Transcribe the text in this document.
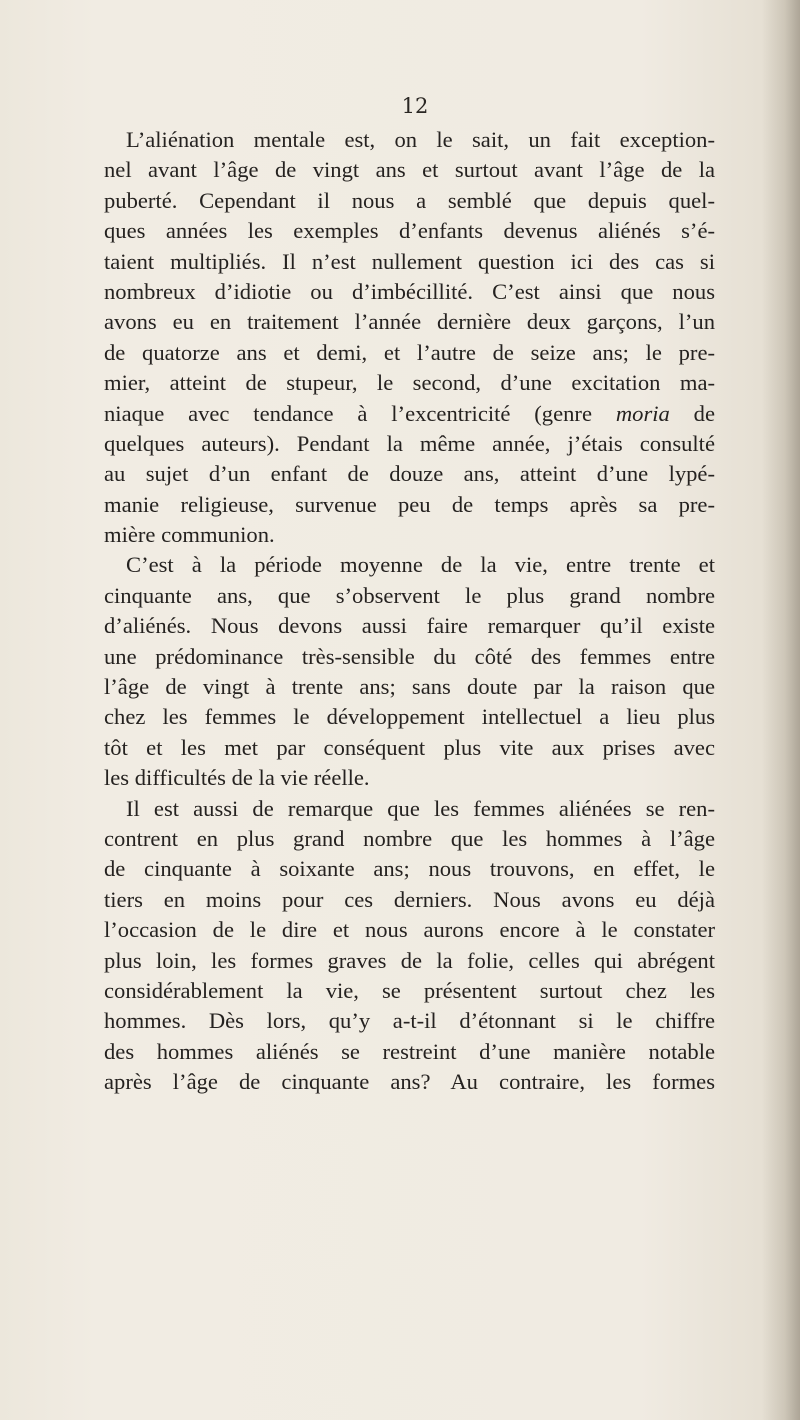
12
L’aliénation mentale est, on le sait, un fait exception-
nel avant l’âge de vingt ans et surtout avant l’âge de la
puberté. Cependant il nous a semblé que depuis quel-
ques années les exemples d’enfants devenus aliénés s’é-
taient multipliés. Il n’est nullement question ici des cas si
nombreux d’idiotie ou d’imbécillité. C’est ainsi que nous
avons eu en traitement l’année dernière deux garçons, l’un
de quatorze ans et demi, et l’autre de seize ans; le pre-
mier, atteint de stupeur, le second, d’une excitation ma-
niaque avec tendance à l’excentricité (genre moria de
quelques auteurs). Pendant la même année, j’étais consulté
au sujet d’un enfant de douze ans, atteint d’une lypé-
manie religieuse, survenue peu de temps après sa pre-
mière communion.
C’est à la période moyenne de la vie, entre trente et
cinquante ans, que s’observent le plus grand nombre
d’aliénés. Nous devons aussi faire remarquer qu’il existe
une prédominance très-sensible du côté des femmes entre
l’âge de vingt à trente ans; sans doute par la raison que
chez les femmes le développement intellectuel a lieu plus
tôt et les met par conséquent plus vite aux prises avec
les difficultés de la vie réelle.
Il est aussi de remarque que les femmes aliénées se ren-
contrent en plus grand nombre que les hommes à l’âge
de cinquante à soixante ans; nous trouvons, en effet, le
tiers en moins pour ces derniers. Nous avons eu déjà
l’occasion de le dire et nous aurons encore à le constater
plus loin, les formes graves de la folie, celles qui abrégent
considérablement la vie, se présentent surtout chez les
hommes. Dès lors, qu’y a-t-il d’étonnant si le chiffre
des hommes aliénés se restreint d’une manière notable
après l’âge de cinquante ans? Au contraire, les formes
